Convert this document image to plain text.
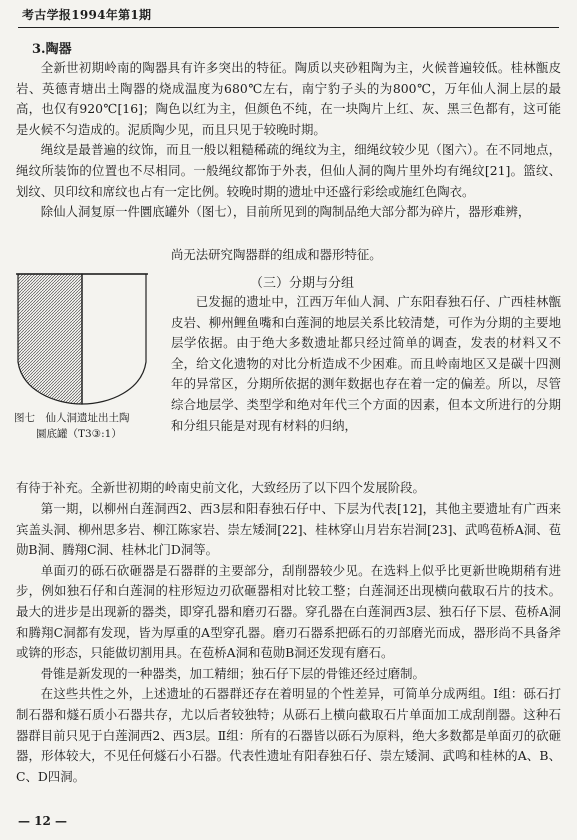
考古学报1994年第1期
3.陶器

全新世初期岭南的陶器具有许多突出的特征。陶质以夹砂粗陶为主，火候普遍较低。桂林甑皮岩、英德青塘出土陶器的烧成温度为680℃左右，南宁豹子头的为800℃，万年仙人洞上层的最高，也仅有920℃[16]；陶色以红为主，但颜色不纯，在一块陶片上红、灰、黑三色都有，这可能是火候不匀造成的。泥质陶少见，而且只见于较晚时期。

绳纹是最普遍的纹饰，而且一般以粗糙稀疏的绳纹为主，细绳纹较少见（图六）。在不同地点，绳纹所装饰的位置也不尽相同。一般绳纹都饰于外表，但仙人洞的陶片里外均有绳纹[21]。篮纹、划纹、贝印纹和席纹也占有一定比例。较晚时期的遗址中还盛行彩绘或施红色陶衣。

除仙人洞复原一件圜底罐外（图七），目前所见到的陶制品绝大部分都为碎片，器形难辨，

尚无法研究陶器群的组成和器形特征。
（三）分期与分组
图七　仙人洞遗址出土陶
圜底罐（T3③:1）

已发掘的遗址中，江西万年仙人洞、广东阳春独石仔、广西桂林甑皮岩、柳州鲤鱼嘴和白莲洞的地层关系比较清楚，可作为分期的主要地层学依据。由于绝大多数遗址都只经过简单的调查，发表的材料又不全，给文化遗物的对比分析造成不少困难。而且岭南地区又是碳十四测年的异常区，分期所依据的测年数据也存在着一定的偏差。所以，尽管综合地层学、类型学和绝对年代三个方面的因素，但本文所进行的分期和分组只能是对现有材料的归纳，

有待于补充。全新世初期的岭南史前文化，大致经历了以下四个发展阶段。

第一期，以柳州白莲洞西2、西3层和阳春独石仔中、下层为代表[12]，其他主要遗址有广西来宾盖头洞、柳州思多岩、柳江陈家岩、崇左矮洞[22]、桂林穿山月岩东岩洞[23]、武鸣苞桥A洞、苞勋B洞、腾翔C洞、桂林北门D洞等。

单面刃的砾石砍砸器是石器群的主要部分，刮削器较少见。在选料上似乎比更新世晚期稍有进步，例如独石仔和白莲洞的柱形短边刃砍砸器相对比较工整；白莲洞还出现横向截取石片的技术。最大的进步是出现新的器类，即穿孔器和磨刃石器。穿孔器在白莲洞西3层、独石仔下层、苞桥A洞和腾翔C洞都有发现，皆为厚重的A型穿孔器。磨刃石器系把砾石的刃部磨光而成，器形尚不具备斧或锛的形态，只能做切割用具。在苞桥A洞和苞勋B洞还发现有磨石。

骨锥是新发现的一种器类，加工精细；独石仔下层的骨锥还经过磨制。

在这些共性之外，上述遗址的石器群还存在着明显的个性差异，可简单分成两组。Ⅰ组：砾石打制石器和燧石质小石器共存，尤以后者较独特；从砾石上横向截取石片单面加工成刮削器。这种石器群目前只见于白莲洞西2、西3层。Ⅱ组：所有的石器皆以砾石为原料，绝大多数都是单面刃的砍砸器，形体较大，不见任何燧石小石器。代表性遗址有阳春独石仔、崇左矮洞、武鸣和桂林的A、B、C、D四洞。

— 12 —
